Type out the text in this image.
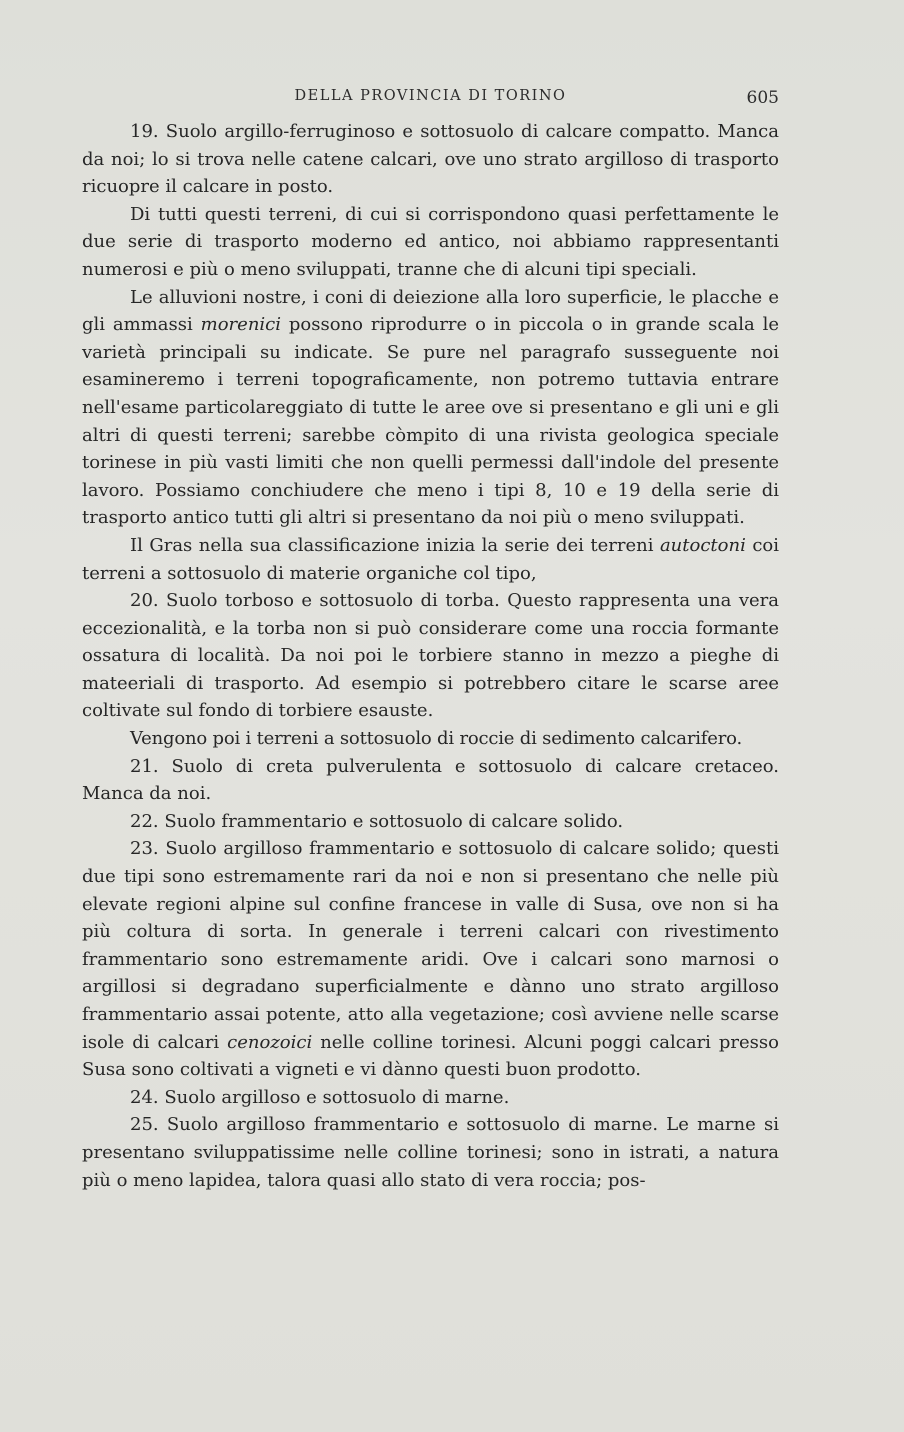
DELLA PROVINCIA DI TORINO	605

19. Suolo argillo-ferruginoso e sottosuolo di calcare compatto. Manca da noi; lo si trova nelle catene calcari, ove uno strato argilloso di trasporto ricuopre il calcare in posto.

Di tutti questi terreni, di cui si corrispondono quasi perfettamente le due serie di trasporto moderno ed antico, noi abbiamo rappresentanti numerosi e più o meno sviluppati, tranne che di alcuni tipi speciali.

Le alluvioni nostre, i coni di deiezione alla loro superficie, le placche e gli ammassi morenici possono riprodurre o in piccola o in grande scala le varietà principali su indicate. Se pure nel paragrafo susseguente noi esamineremo i terreni topograficamente, non potremo tuttavia entrare nell'esame particolareggiato di tutte le aree ove si presentano e gli uni e gli altri di questi terreni; sarebbe còmpito di una rivista geologica speciale torinese in più vasti limiti che non quelli permessi dall'indole del presente lavoro. Possiamo conchiudere che meno i tipi 8, 10 e 19 della serie di trasporto antico tutti gli altri si presentano da noi più o meno sviluppati.

Il Gras nella sua classificazione inizia la serie dei terreni autoctoni coi terreni a sottosuolo di materie organiche col tipo,

20. Suolo torboso e sottosuolo di torba. Questo rappresenta una vera eccezionalità, e la torba non si può considerare come una roccia formante ossatura di località. Da noi poi le torbiere stanno in mezzo a pieghe di mateeriali di trasporto. Ad esempio si potrebbero citare le scarse aree coltivate sul fondo di torbiere esauste.

Vengono poi i terreni a sottosuolo di roccie di sedimento calcarifero.

21. Suolo di creta pulverulenta e sottosuolo di calcare cretaceo. Manca da noi.

22. Suolo frammentario e sottosuolo di calcare solido.

23. Suolo argilloso frammentario e sottosuolo di calcare solido; questi due tipi sono estremamente rari da noi e non si presentano che nelle più elevate regioni alpine sul confine francese in valle di Susa, ove non si ha più coltura di sorta. In generale i terreni calcari con rivestimento frammentario sono estremamente aridi. Ove i calcari sono marnosi o argillosi si degradano superficialmente e dànno uno strato argilloso frammentario assai potente, atto alla vegetazione; così avviene nelle scarse isole di calcari cenozoici nelle colline torinesi. Alcuni poggi calcari presso Susa sono coltivati a vigneti e vi dànno questi buon prodotto.

24. Suolo argilloso e sottosuolo di marne.

25. Suolo argilloso frammentario e sottosuolo di marne. Le marne si presentano sviluppatissime nelle colline torinesi; sono in istrati, a natura più o meno lapidea, talora quasi allo stato di vera roccia; pos-
